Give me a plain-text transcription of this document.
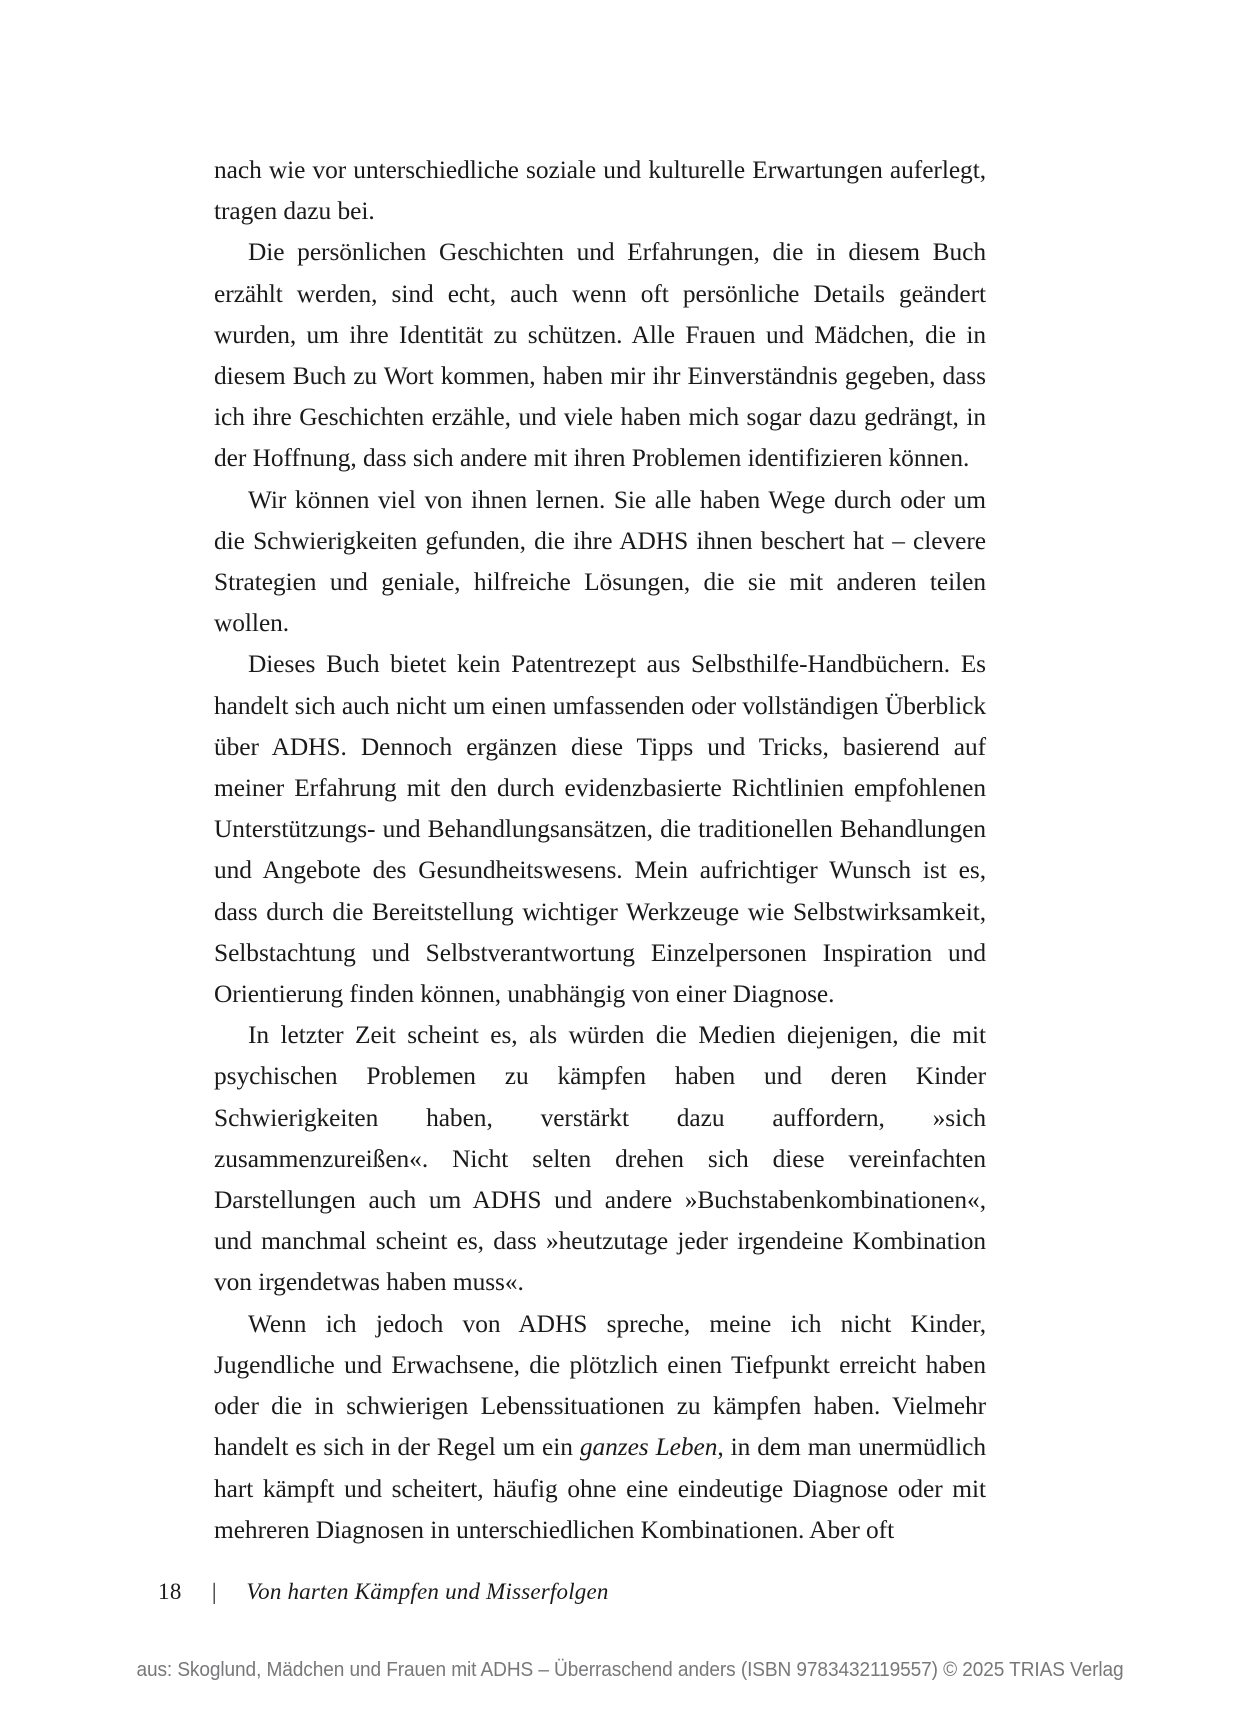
nach wie vor unterschiedliche soziale und kulturelle Erwartungen auferlegt, tragen dazu bei.

Die persönlichen Geschichten und Erfahrungen, die in diesem Buch erzählt werden, sind echt, auch wenn oft persönliche Details geändert wurden, um ihre Identität zu schützen. Alle Frauen und Mädchen, die in diesem Buch zu Wort kommen, haben mir ihr Einverständnis gegeben, dass ich ihre Geschichten erzähle, und viele haben mich sogar dazu gedrängt, in der Hoffnung, dass sich andere mit ihren Problemen identifizieren können.

Wir können viel von ihnen lernen. Sie alle haben Wege durch oder um die Schwierigkeiten gefunden, die ihre ADHS ihnen beschert hat – clevere Strategien und geniale, hilfreiche Lösungen, die sie mit anderen teilen wollen.

Dieses Buch bietet kein Patentrezept aus Selbsthilfe-Handbüchern. Es handelt sich auch nicht um einen umfassenden oder vollständigen Überblick über ADHS. Dennoch ergänzen diese Tipps und Tricks, basierend auf meiner Erfahrung mit den durch evidenzbasierte Richtlinien empfohlenen Unterstützungs- und Behandlungsansätzen, die traditionellen Behandlungen und Angebote des Gesundheitswesens. Mein aufrichtiger Wunsch ist es, dass durch die Bereitstellung wichtiger Werkzeuge wie Selbstwirksamkeit, Selbstachtung und Selbstverantwortung Einzelpersonen Inspiration und Orientierung finden können, unabhängig von einer Diagnose.

In letzter Zeit scheint es, als würden die Medien diejenigen, die mit psychischen Problemen zu kämpfen haben und deren Kinder Schwierigkeiten haben, verstärkt dazu auffordern, »sich zusammenzureißen«. Nicht selten drehen sich diese vereinfachten Darstellungen auch um ADHS und andere »Buchstabenkombinationen«, und manchmal scheint es, dass »heutzutage jeder irgendeine Kombination von irgendetwas haben muss«.

Wenn ich jedoch von ADHS spreche, meine ich nicht Kinder, Jugendliche und Erwachsene, die plötzlich einen Tiefpunkt erreicht haben oder die in schwierigen Lebenssituationen zu kämpfen haben. Vielmehr handelt es sich in der Regel um ein ganzes Leben, in dem man unermüdlich hart kämpft und scheitert, häufig ohne eine eindeutige Diagnose oder mit mehreren Diagnosen in unterschiedlichen Kombinationen. Aber oft

18	|	Von harten Kämpfen und Misserfolgen
aus: Skoglund, Mädchen und Frauen mit ADHS – Überraschend anders (ISBN 9783432119557) © 2025 TRIAS Verlag
